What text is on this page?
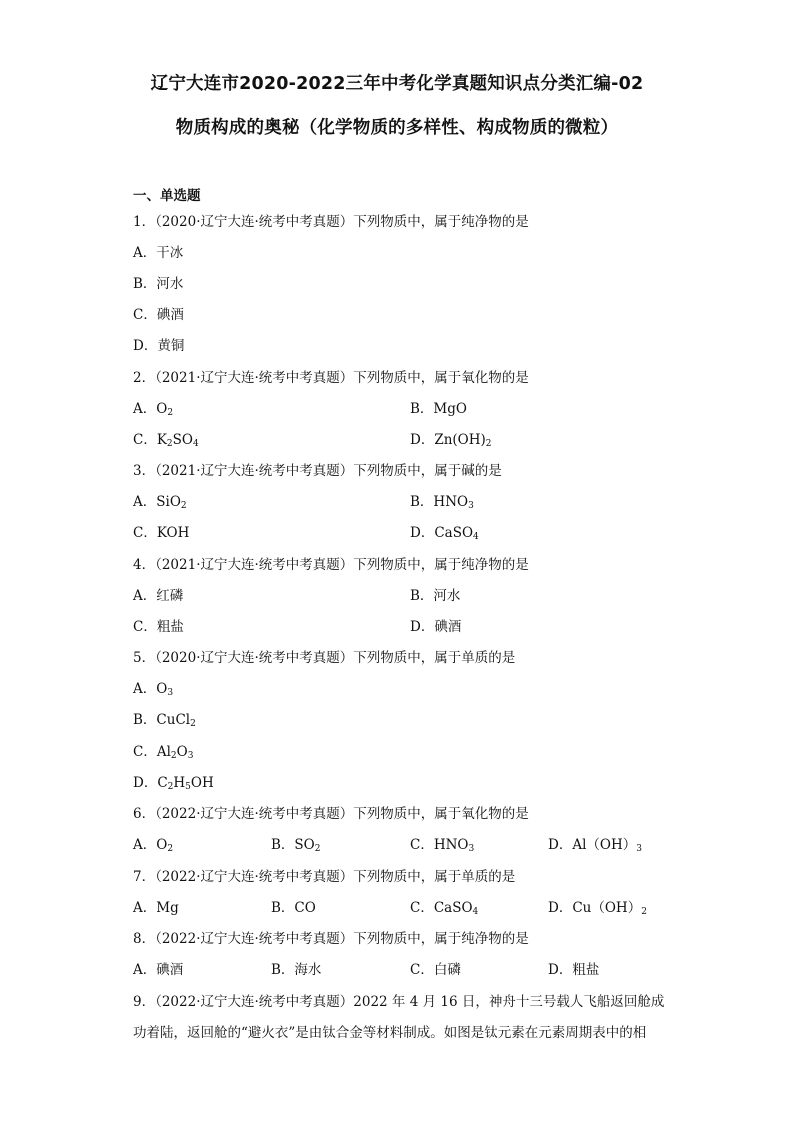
辽宁大连市2020-2022三年中考化学真题知识点分类汇编-02
物质构成的奥秘（化学物质的多样性、构成物质的微粒）
一、单选题
1．（2020·辽宁大连·统考中考真题）下列物质中，属于纯净物的是
A．干冰
B．河水
C．碘酒
D．黄铜
2．（2021·辽宁大连·统考中考真题）下列物质中，属于氧化物的是
A．$O_2$	B．MgO
C．$K_2SO_4$	D．$Zn(OH)_2$
3．（2021·辽宁大连·统考中考真题）下列物质中，属于碱的是
A．SiO$_2$	B．$HNO_3$
C．KOH	D．CaSO$_4$
4．（2021·辽宁大连·统考中考真题）下列物质中，属于纯净物的是
A．红磷	B．河水
C．粗盐	D．碘酒
5．（2020·辽宁大连·统考中考真题）下列物质中，属于单质的是
A．$O_3$
B．CuCl$_2$
C．$Al_2O_3$
D．$C_2H_5OH$
6．（2022·辽宁大连·统考中考真题）下列物质中，属于氧化物的是
A．$O_2$	B．$SO_2$	C．$HNO_3$	D．$Al(OH)_3$
7．（2022·辽宁大连·统考中考真题）下列物质中，属于单质的是
A．Mg	B．CO	C．CaSO$_4$	D．$Cu(OH)_2$
8．（2022·辽宁大连·统考中考真题）下列物质中，属于纯净物的是
A．碘酒	B．海水	C．白磷	D．粗盐
9．（2022·辽宁大连·统考中考真题）2022 年 4 月 16 日，神舟十三号载人飞船返回舱成
功着陆，返回舱的“避火衣”是由钛合金等材料制成。如图是钛元素在元素周期表中的相
